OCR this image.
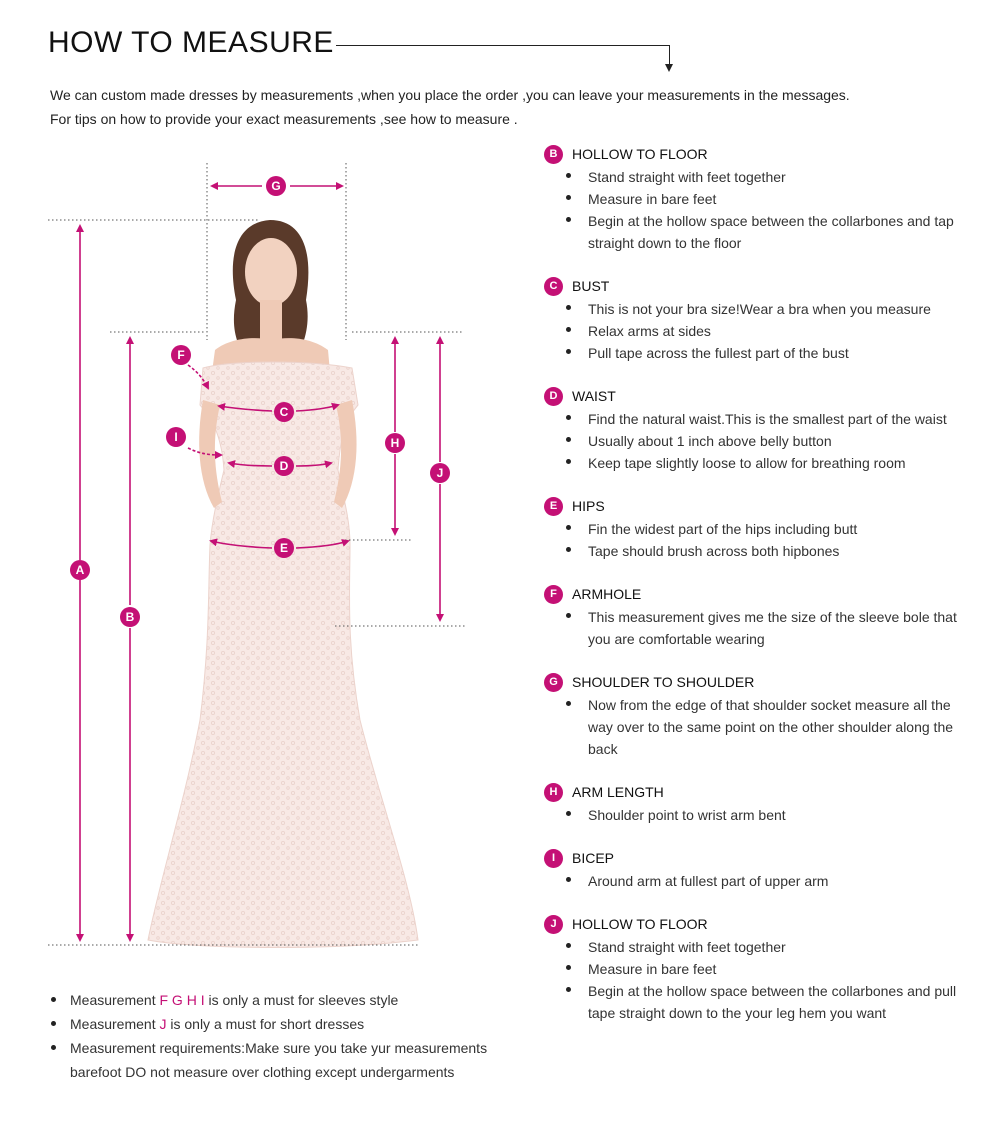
HOW TO MEASURE
We can custom made dresses by measurements ,when you place the order ,you can leave your measurements in the messages.
For tips on how to provide your exact measurements ,see how to measure .
G
A
B
F
C
I	H
D	J
E
B	HOLLOW TO FLOOR
Stand straight with feet together
Measure in bare feet
Begin at the hollow space between the collarbones and tap straight down to the floor
C	BUST
This is not your bra size!Wear a bra when you measure
Relax arms at sides
Pull tape across the fullest part of the bust
D	WAIST
Find the natural waist.This is the smallest part of the waist
Usually about 1 inch above belly button
Keep tape slightly loose to allow for breathing room
E	HIPS
Fin the widest part of the hips including butt
Tape should brush across both hipbones
F	ARMHOLE
This measurement gives me the size of the sleeve bole that you are comfortable wearing
G	SHOULDER TO SHOULDER
Now from the edge of that shoulder socket measure all the way over to the same point on the other shoulder along the back
H	ARM LENGTH
Shoulder point to wrist arm bent
I	BICEP
Around arm at fullest part of upper arm
J	HOLLOW TO FLOOR
Stand straight with feet together
Measure in bare feet
Begin at the hollow space between the collarbones and pull tape straight down to the your leg hem you want
Measurement F G H I is only a must for sleeves style
Measurement J is only a must for short dresses
Measurement requirements:Make sure you take yur measurements barefoot DO not measure over clothing except undergarments
